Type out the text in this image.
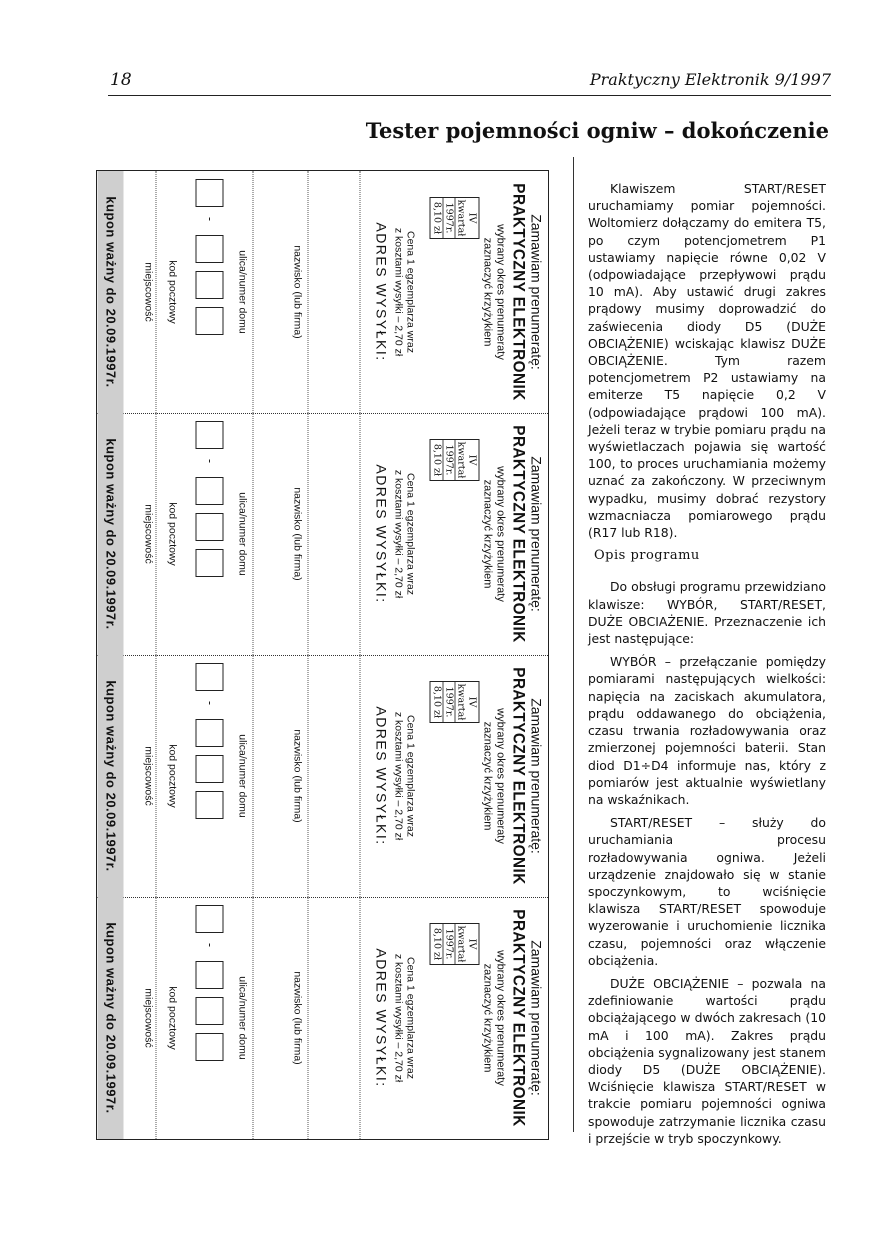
18	Praktyczny Elektronik 9/1997
Tester pojemności ogniw – dokończenie
Zamawiam prenumeratę:
PRAKTYCZNY ELEKTRONIK
wybrany okres prenumeraty
zaznaczyć krzyżykiem
IV kwartał
1997r.
8,10 zł
Cena 1 egzemplarza wraz
z kosztami wysyłki – 2,70 zł
ADRES WYSYŁKI:
nazwisko (lub firma)
ulica/numer domu
-
kod pocztowy
miejscowość
kupon ważny do 20.09.1997r.
Zamawiam prenumeratę:
PRAKTYCZNY ELEKTRONIK
wybrany okres prenumeraty
zaznaczyć krzyżykiem
IV kwartał
1997r.
8,10 zł
Cena 1 egzemplarza wraz
z kosztami wysyłki – 2,70 zł
ADRES WYSYŁKI:
nazwisko (lub firma)
ulica/numer domu
-
kod pocztowy
miejscowość
kupon ważny do 20.09.1997r.
Zamawiam prenumeratę:
PRAKTYCZNY ELEKTRONIK
wybrany okres prenumeraty
zaznaczyć krzyżykiem
IV kwartał
1997r.
8,10 zł
Cena 1 egzemplarza wraz
z kosztami wysyłki – 2,70 zł
ADRES WYSYŁKI:
nazwisko (lub firma)
ulica/numer domu
-
kod pocztowy
miejscowość
kupon ważny do 20.09.1997r.
Zamawiam prenumeratę:
PRAKTYCZNY ELEKTRONIK
wybrany okres prenumeraty
zaznaczyć krzyżykiem
IV kwartał
1997r.
8,10 zł
Cena 1 egzemplarza wraz
z kosztami wysyłki – 2,70 zł
ADRES WYSYŁKI:
nazwisko (lub firma)
ulica/numer domu
-
kod pocztowy
miejscowość
kupon ważny do 20.09.1997r.

Klawiszem START/RESET uruchamiamy pomiar pojemności. Woltomierz dołączamy do emitera T5, po czym potencjometrem P1 ustawiamy napięcie równe 0,02 V (odpowiadające przepływowi prądu 10 mA). Aby ustawić drugi zakres prądowy musimy doprowadzić do zaświecenia diody D5 (DUŻE OBCIĄŻENIE) wciskając klawisz DUŻE OBCIĄŻENIE. Tym razem potencjometrem P2 ustawiamy na emiterze T5 napięcie 0,2 V (odpowiadające prądowi 100 mA). Jeżeli teraz w trybie pomiaru prądu na wyświetlaczach pojawia się wartość 100, to proces uruchamiania możemy uznać za zakończony. W przeciwnym wypadku, musimy dobrać rezystory wzmacniacza pomiarowego prądu (R17 lub R18).

Opis programu

Do obsługi programu przewidziano klawisze: WYBÓR, START/RESET, DUŻE OBCIAŻENIE. Przeznaczenie ich jest następujące:

WYBÓR – przełączanie pomiędzy pomiarami następujących wielkości: napięcia na zaciskach akumulatora, prądu oddawanego do obciążenia, czasu trwania rozładowywania oraz zmierzonej pojemności baterii. Stan diod D1÷D4 informuje nas, który z pomiarów jest aktualnie wyświetlany na wskaźnikach.

START/RESET – służy do uruchamiania procesu rozładowywania ogniwa. Jeżeli urządzenie znajdowało się w stanie spoczynkowym, to wciśnięcie klawisza START/RESET spowoduje wyzerowanie i uruchomienie licznika czasu, pojemności oraz włączenie obciążenia.

DUŻE OBCIĄŻENIE – pozwala na zdefiniowanie wartości prądu obciążającego w dwóch zakresach (10 mA i 100 mA). Zakres prądu obciążenia sygnalizowany jest stanem diody D5 (DUŻE OBCIĄŻENIE). Wciśnięcie klawisza START/RESET w trakcie pomiaru pojemności ogniwa spowoduje zatrzymanie licznika czasu i przejście w tryb spoczynkowy.
